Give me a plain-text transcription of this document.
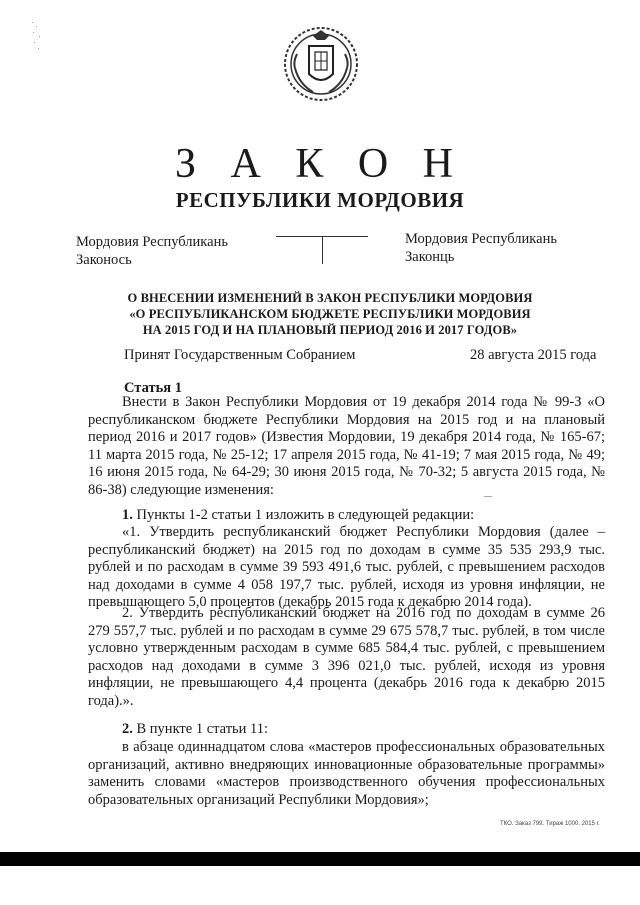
З А К О Н
РЕСПУБЛИКИ МОРДОВИЯ
Мордовия Республикань
Законось
Мордовия Республикань
Законць
О ВНЕСЕНИИ ИЗМЕНЕНИЙ В ЗАКОН РЕСПУБЛИКИ МОРДОВИЯ
«О РЕСПУБЛИКАНСКОМ БЮДЖЕТЕ РЕСПУБЛИКИ МОРДОВИЯ
НА 2015 ГОД И НА ПЛАНОВЫЙ ПЕРИОД 2016 И 2017 ГОДОВ»
Принят Государственным Собранием	28 августа 2015 года
Статья 1
Внести в Закон Республики Мордовия от 19 декабря 2014 года № 99-З «О республиканском бюджете Республики Мордовия на 2015 год и на плановый период 2016 и 2017 годов» (Известия Мордовии, 19 декабря 2014 года, № 165-67; 11 марта 2015 года, № 25-12; 17 апреля 2015 года, № 41-19; 7 мая 2015 года, № 49; 16 июня 2015 года, № 64-29; 30 июня 2015 года, № 70-32; 5 августа 2015 года, № 86-38) следующие изменения:
1. Пункты 1-2 статьи 1 изложить в следующей редакции:
«1. Утвердить республиканский бюджет Республики Мордовия (далее – республиканский бюджет) на 2015 год по доходам в сумме 35 535 293,9 тыс. рублей и по расходам в сумме 39 593 491,6 тыс. рублей, с превышением расходов над доходами в сумме 4 058 197,7 тыс. рублей, исходя из уровня инфляции, не превышающего 5,0 процентов (декабрь 2015 года к декабрю 2014 года).
2. Утвердить республиканский бюджет на 2016 год по доходам в сумме 26 279 557,7 тыс. рублей и по расходам в сумме 29 675 578,7 тыс. рублей, в том числе условно утвержденным расходам в сумме 685 584,4 тыс. рублей, с превышением расходов над доходами в сумме 3 396 021,0 тыс. рублей, исходя из уровня инфляции, не превышающего 4,4 процента (декабрь 2016 года к декабрю 2015 года).».
2. В пункте 1 статьи 11:
в абзаце одиннадцатом слова «мастеров профессиональных образовательных организаций, активно внедряющих инновационные образовательные программы» заменить словами «мастеров производственного обучения профессиональных образовательных организаций Республики Мордовия»;
ТКО. Заказ 799. Тираж 1000. 2015 г.
